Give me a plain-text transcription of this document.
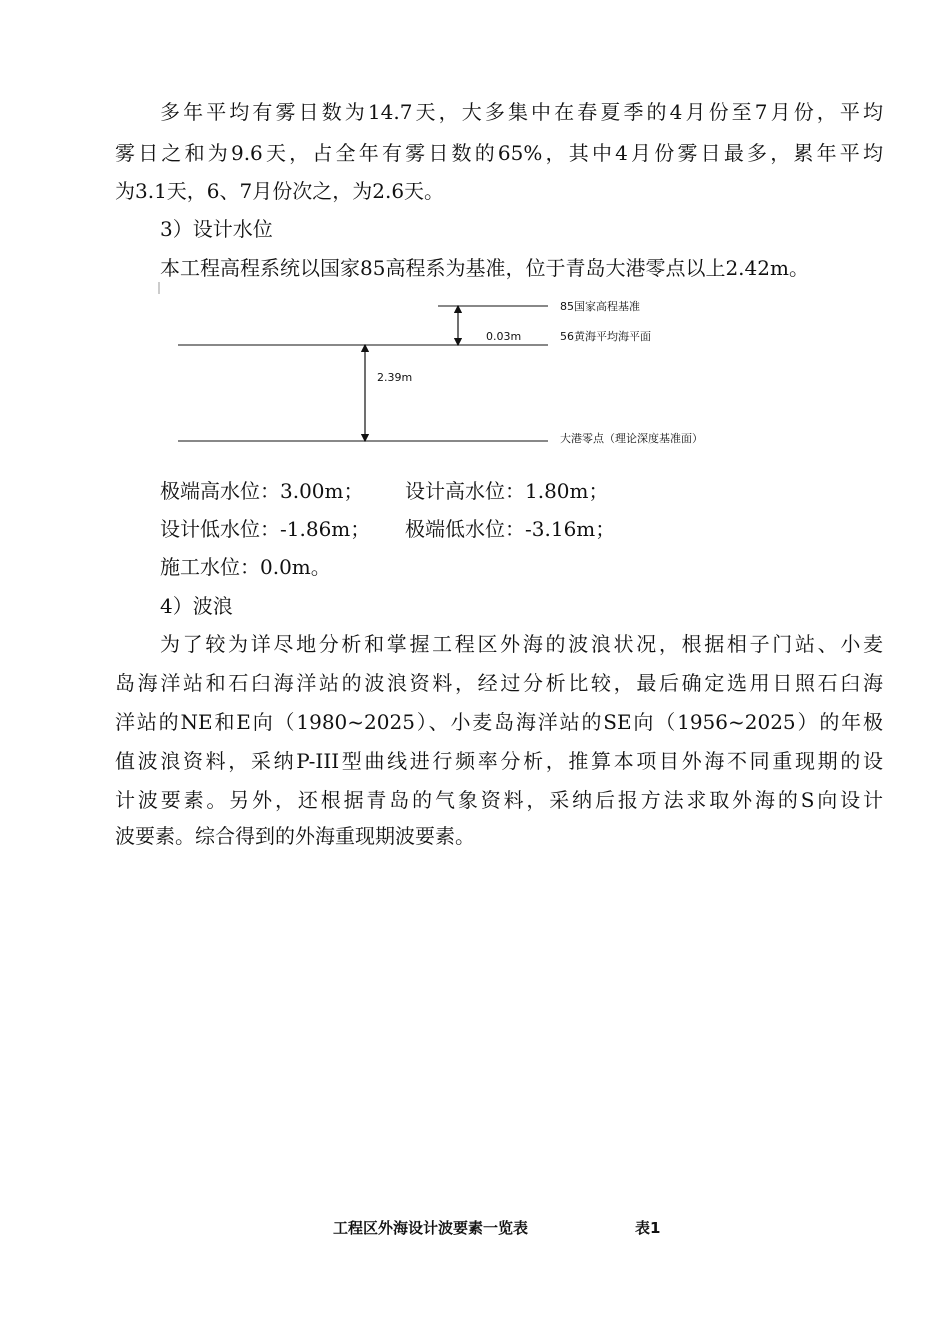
多年平均有雾日数为14.7天，大多集中在春夏季的4月份至7月份，平均
雾日之和为9.6天，占全年有雾日数的65%，其中4月份雾日最多，累年平均
为3.1天，6、7月份次之，为2.6天。
3）设计水位
本工程高程系统以国家85高程系为基准，位于青岛大港零点以上2.42m。
85国家高程基准
56黄海平均海平面
大港零点（理论深度基准面）
0.03m
2.39m
极端高水位：3.00m； 设计高水位：1.80m；
设计低水位：-1.86m； 极端低水位：-3.16m；
施工水位：0.0m。
4）波浪
为了较为详尽地分析和掌握工程区外海的波浪状况，根据相子门站、小麦
岛海洋站和石臼海洋站的波浪资料，经过分析比较，最后确定选用日照石臼海
洋站的NE和E向（1980~2025）、小麦岛海洋站的SE向（1956~2025）的年极
值波浪资料，采纳P-III型曲线进行频率分析，推算本项目外海不同重现期的设
计波要素。另外，还根据青岛的气象资料，采纳后报方法求取外海的S向设计
波要素。综合得到的外海重现期波要素。
工程区外海设计波要素一览表	表1
